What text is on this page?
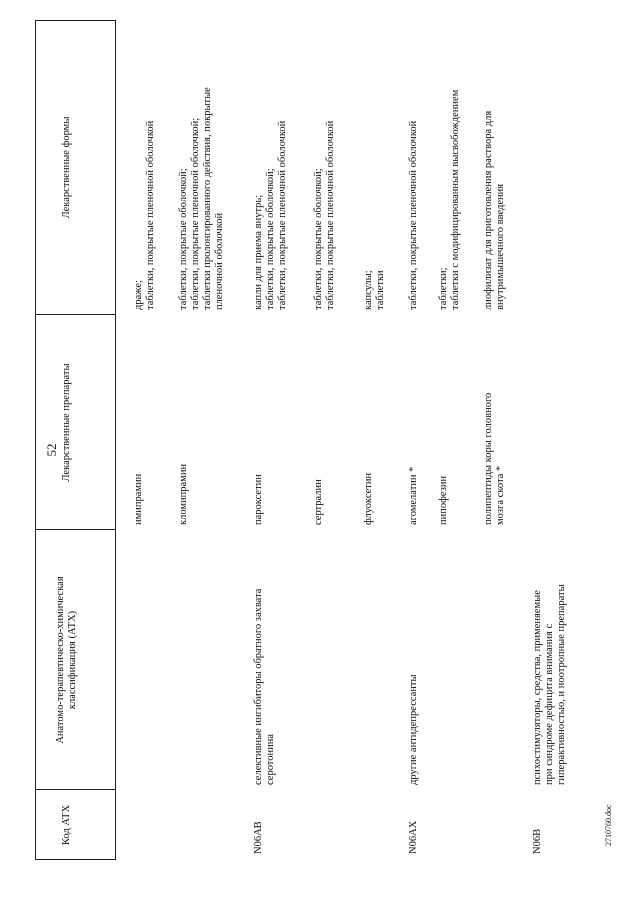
52
2710760.doc
Код АТХ
Анатомо-терапевтическо-химическая классификация (АТХ)
Лекарственные препараты
Лекарственные формы
имипрамин
драже; таблетки, покрытые пленочной оболочкой
кломипрамин
таблетки, покрытые оболочкой; таблетки, покрытые пленочной оболочкой; таблетки пролонгированного действия, покрытые пленочной оболочкой
N06AB
селективные ингибиторы обратного захвата серотонина
пароксетин
капли для приема внутрь; таблетки, покрытые оболочкой; таблетки, покрытые пленочной оболочкой
сертралин
таблетки, покрытые оболочкой; таблетки, покрытые пленочной оболочкой
флуоксетин
капсулы; таблетки
N06AX
другие антидепрессанты
агомелатин *
таблетки, покрытые пленочной оболочкой
пипофезин
таблетки; таблетки с модифицированным высвобождением
полипептиды коры головного мозга скота *
лиофилизат для приготовления раствора для внутримышечного введения
N06B
психостимуляторы, средства, применяемые при синдроме дефицита внимания с гиперактивностью, и ноотропные препараты
